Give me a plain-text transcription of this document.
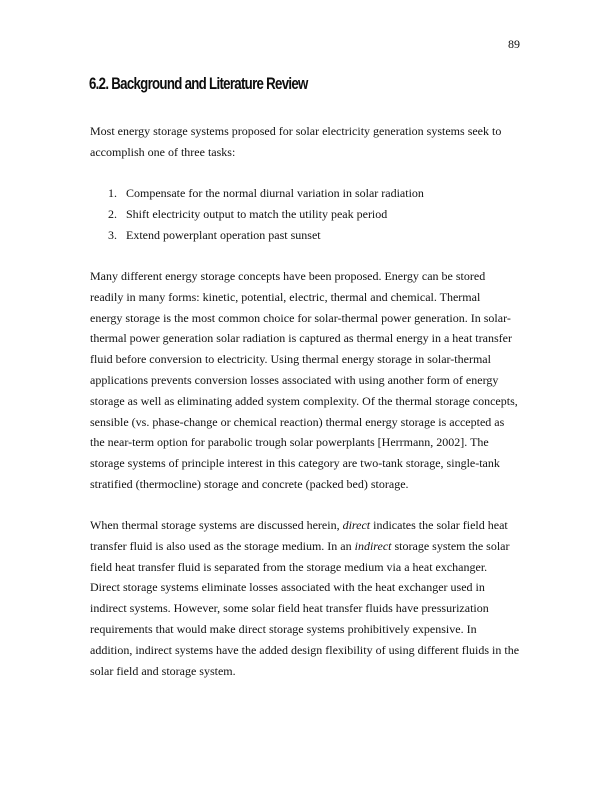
89
6.2. Background and Literature Review

Most energy storage systems proposed for solar electricity generation systems seek to
accomplish one of three tasks:

1. Compensate for the normal diurnal variation in solar radiation
2. Shift electricity output to match the utility peak period
3. Extend powerplant operation past sunset

Many different energy storage concepts have been proposed. Energy can be stored
readily in many forms: kinetic, potential, electric, thermal and chemical. Thermal
energy storage is the most common choice for solar-thermal power generation. In solar-
thermal power generation solar radiation is captured as thermal energy in a heat transfer
fluid before conversion to electricity. Using thermal energy storage in solar-thermal
applications prevents conversion losses associated with using another form of energy
storage as well as eliminating added system complexity. Of the thermal storage concepts,
sensible (vs. phase-change or chemical reaction) thermal energy storage is accepted as
the near-term option for parabolic trough solar powerplants [Herrmann, 2002]. The
storage systems of principle interest in this category are two-tank storage, single-tank
stratified (thermocline) storage and concrete (packed bed) storage.

When thermal storage systems are discussed herein, direct indicates the solar field heat
transfer fluid is also used as the storage medium. In an indirect storage system the solar
field heat transfer fluid is separated from the storage medium via a heat exchanger.
Direct storage systems eliminate losses associated with the heat exchanger used in
indirect systems. However, some solar field heat transfer fluids have pressurization
requirements that would make direct storage systems prohibitively expensive. In
addition, indirect systems have the added design flexibility of using different fluids in the
solar field and storage system.
